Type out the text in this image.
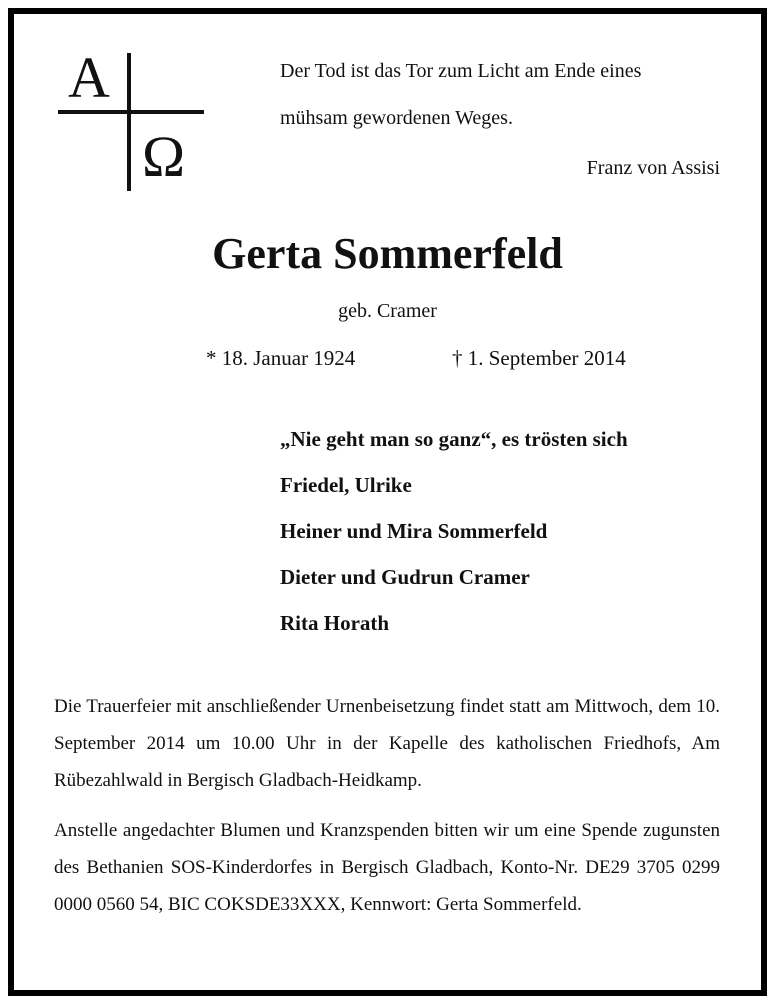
A
Ω
Der Tod ist das Tor zum Licht am Ende eines
mühsam gewordenen Weges.
Franz von Assisi
Gerta Sommerfeld
geb. Cramer
* 18. Januar 1924	† 1. September 2014
„Nie geht man so ganz“, es trösten sich
Friedel, Ulrike
Heiner und Mira Sommerfeld
Dieter und Gudrun Cramer
Rita Horath
Die Trauerfeier mit anschließender Urnenbeisetzung findet statt am Mittwoch, dem 10. September 2014 um 10.00 Uhr in der Kapelle des katholischen Friedhofs, Am Rübezahlwald in Bergisch Gladbach-Heidkamp.
Anstelle angedachter Blumen und Kranzspenden bitten wir um eine Spende zugunsten des Bethanien SOS-Kinderdorfes in Bergisch Gladbach, Konto-Nr. DE29 3705 0299 0000 0560 54, BIC COKSDE33XXX, Kennwort: Gerta Sommerfeld.
